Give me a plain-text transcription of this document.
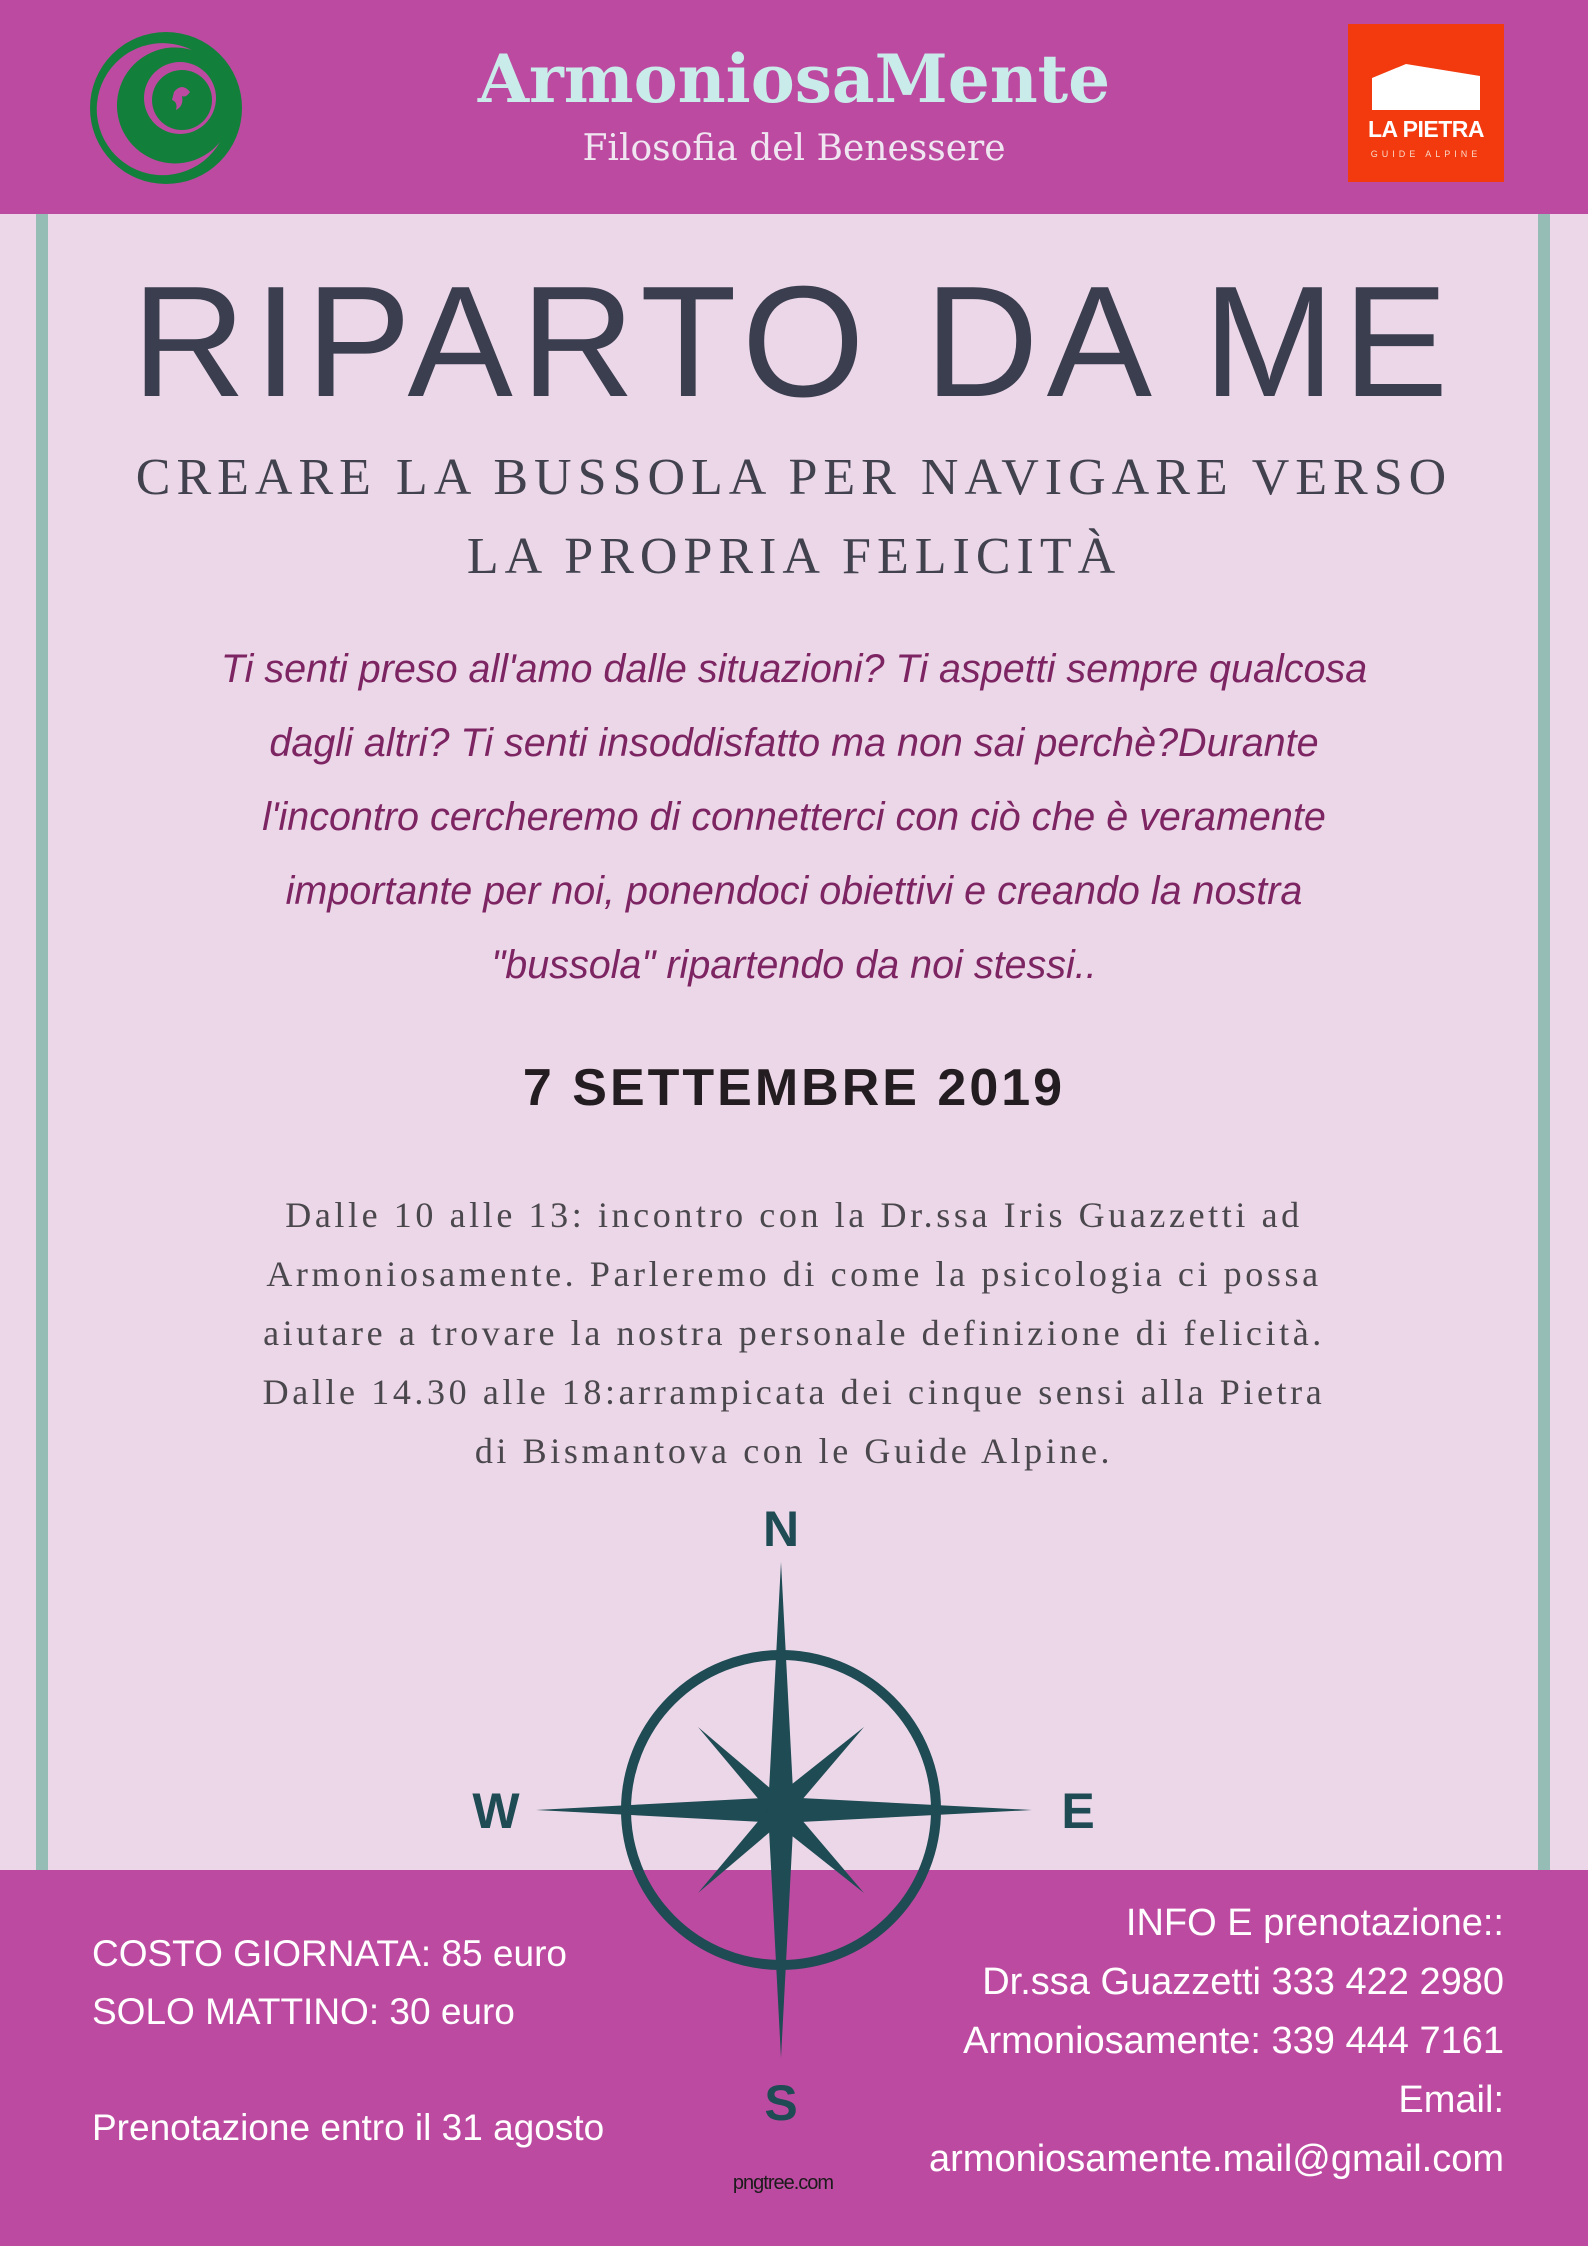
ArmoniosaMente
Filosofia del Benessere	LA PIETRA
GUIDE ALPINE
RIPARTO DA ME
CREARE LA BUSSOLA PER NAVIGARE VERSO
LA PROPRIA FELICITÀ
Ti senti preso all'amo dalle situazioni? Ti aspetti sempre qualcosa
dagli altri? Ti senti insoddisfatto ma non sai perchè?Durante
l'incontro cercheremo di connetterci con ciò che è veramente
importante per noi, ponendoci obiettivi e creando la nostra
"bussola" ripartendo da noi stessi..
7 SETTEMBRE 2019
Dalle 10 alle 13: incontro con la Dr.ssa Iris Guazzetti ad
Armoniosamente. Parleremo di come la psicologia ci possa
aiutare a trovare la nostra personale definizione di felicità.
Dalle 14.30 alle 18:arrampicata dei cinque sensi alla Pietra
di Bismantova con le Guide Alpine.
N
S
E
W
COSTO GIORNATA: 85 euro
SOLO MATTINO: 30 euro
Prenotazione entro il 31 agosto
INFO E prenotazione::
Dr.ssa Guazzetti 333 422 2980
Armoniosamente: 339 444 7161
Email:
armoniosamente.mail@gmail.com
pngtree.com
